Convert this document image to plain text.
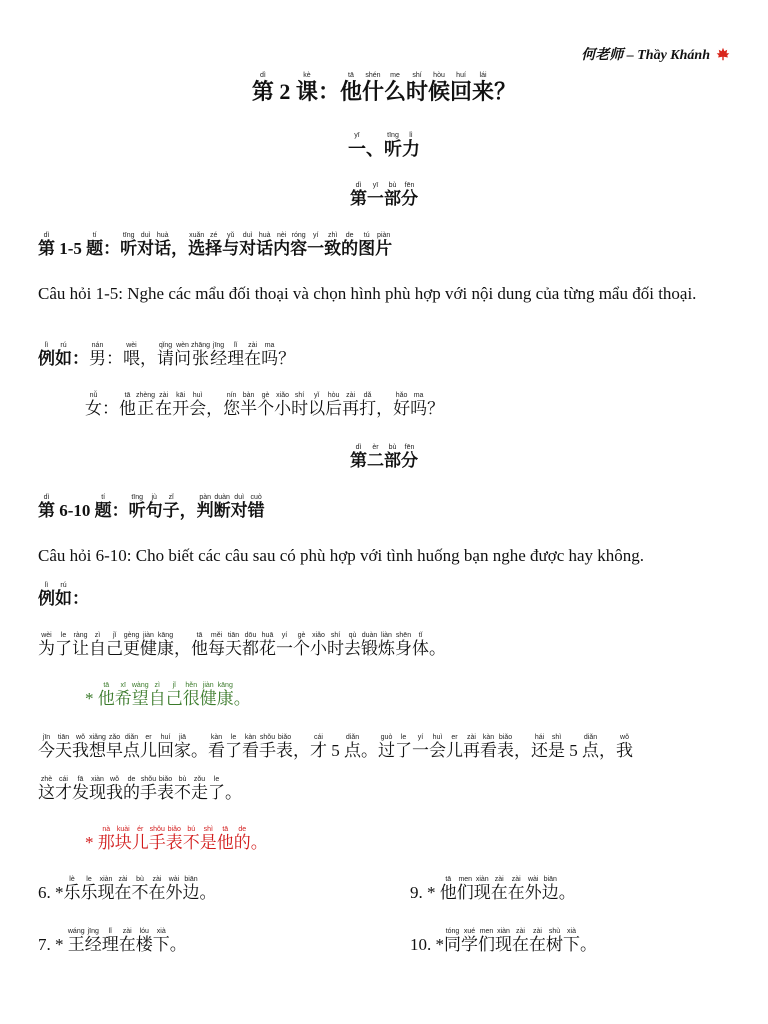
何老师 – Thầy Khánh
第dì 2 课kè：他tā什shén么me时shí候hòu回huí来lái？
一yī、听tīng力lì
第dì一yī部bù分fēn
第dì 1-5 题tí：听tīng对duì话huà，选xuǎn择zé与yǔ对duì话huà内nèi容róng一yí致zhì的de图tú片piàn
Câu hỏi 1-5: Nghe các mẩu đối thoại và chọn hình phù hợp với nội dung của từng mẩu đối thoại.
例lì如rú：男nán：喂wèi，请qǐng问wèn张zhāng经jīng理lǐ在zài吗ma？
女nǚ：他tā正zhèng在zài开kāi会huì，您nín半bàn个gè小xiǎo时shí以yǐ后hòu再zài打dǎ，好hǎo吗ma？
第dì二èr部bù分fēn
第dì 6-10 题tí：听tīng句jù子zǐ，判pàn断duàn对duì错cuò
Câu hỏi 6-10: Cho biết các câu sau có phù hợp với tình huống bạn nghe được hay không.
例lì如rú：
为wèi了le让ràng自zì己jǐ更gèng健jiàn康kāng，他tā每měi天tiān都dōu花huā一yí个gè小xiǎo时shí去qù锻duàn炼liàn身shēn体tǐ。
* 他tā希xī望wàng自zì己jǐ很hěn健jiàn康kāng。
今jīn天tiān我wǒ想xiǎng早zǎo点diǎn儿er回huí家jiā。看kàn了le看kàn手shǒu表biǎo，才cái 5 点diǎn。过guò了le一yí会huì儿er再zài看kàn表biǎo，还hái是shì 5 点diǎn，我wǒ
这zhè才cái发fā现xiàn我wǒ的de手shǒu表biǎo不bù走zǒu了le。
* 那nà块kuài儿ér手shǒu表biǎo不bú是shì他tā的de。
6. *乐lè乐le现xiàn在zài不bù在zài外wài边biān。	9. * 他tā们men现xiàn在zài在zài外wài边biān。
7. * 王wáng经jīng理lǐ在zài楼lóu下xià。	10. *同tóng学xué们men现xiàn在zài在zài树shù下xià。
